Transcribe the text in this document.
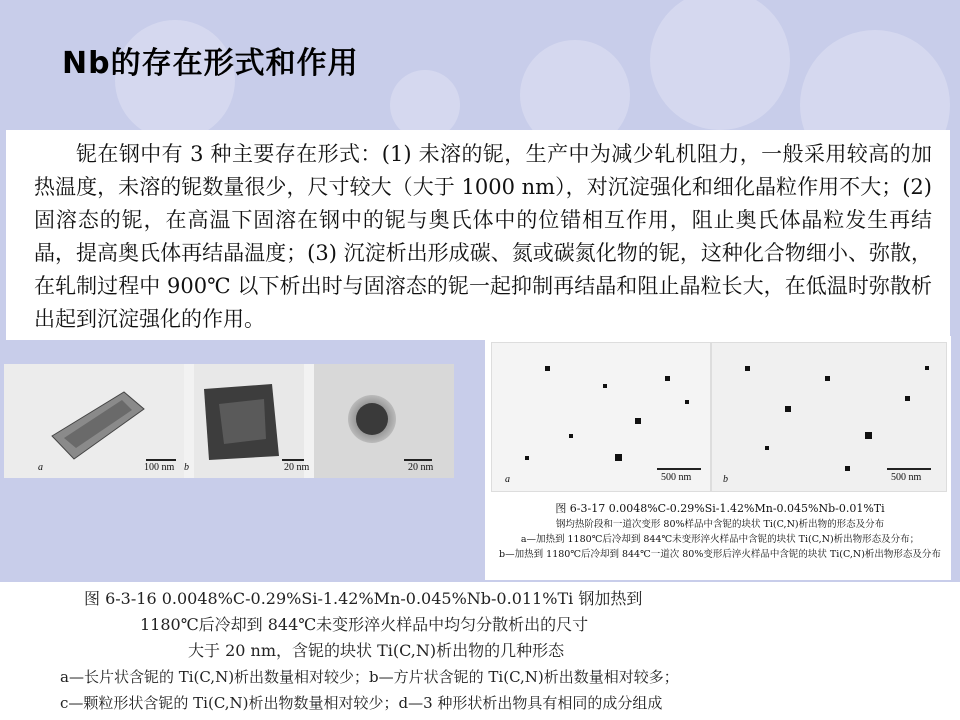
Nb的存在形式和作用

铌在钢中有 3 种主要存在形式：(1) 未溶的铌，生产中为减少轧机阻力，一般采用较高的加热温度，未溶的铌数量很少，尺寸较大（大于 1000 nm），对沉淀强化和细化晶粒作用不大；(2) 固溶态的铌，在高温下固溶在钢中的铌与奥氏体中的位错相互作用，阻止奥氏体晶粒发生再结晶，提高奥氏体再结晶温度；(3) 沉淀析出形成碳、氮或碳氮化物的铌，这种化合物细小、弥散，在轧制过程中 900℃ 以下析出时与固溶态的铌一起抑制再结晶和阻止晶粒长大，在低温时弥散析出起到沉淀强化的作用。

a	100 nm b	20 nm	20 nm
a	500 nm	b	500 nm
图 6-3-17 0.0048%C-0.29%Si-1.42%Mn-0.045%Nb-0.01%Ti
钢均热阶段和一道次变形 80%样品中含铌的块状 Ti(C,N)析出物的形态及分布
a—加热到 1180℃后冷却到 844℃未变形淬火样品中含铌的块状 Ti(C,N)析出物形态及分布；
b—加热到 1180℃后冷却到 844℃一道次 80%变形后淬火样品中含铌的块状 Ti(C,N)析出物形态及分布
图 6-3-16 0.0048%C-0.29%Si-1.42%Mn-0.045%Nb-0.011%Ti 钢加热到
1180℃后冷却到 844℃未变形淬火样品中均匀分散析出的尺寸
大于 20 nm，含铌的块状 Ti(C,N)析出物的几种形态
a—长片状含铌的 Ti(C,N)析出数量相对较少；b—方片状含铌的 Ti(C,N)析出数量相对较多；
c—颗粒形状含铌的 Ti(C,N)析出物数量相对较少；d—3 种形状析出物具有相同的成分组成
